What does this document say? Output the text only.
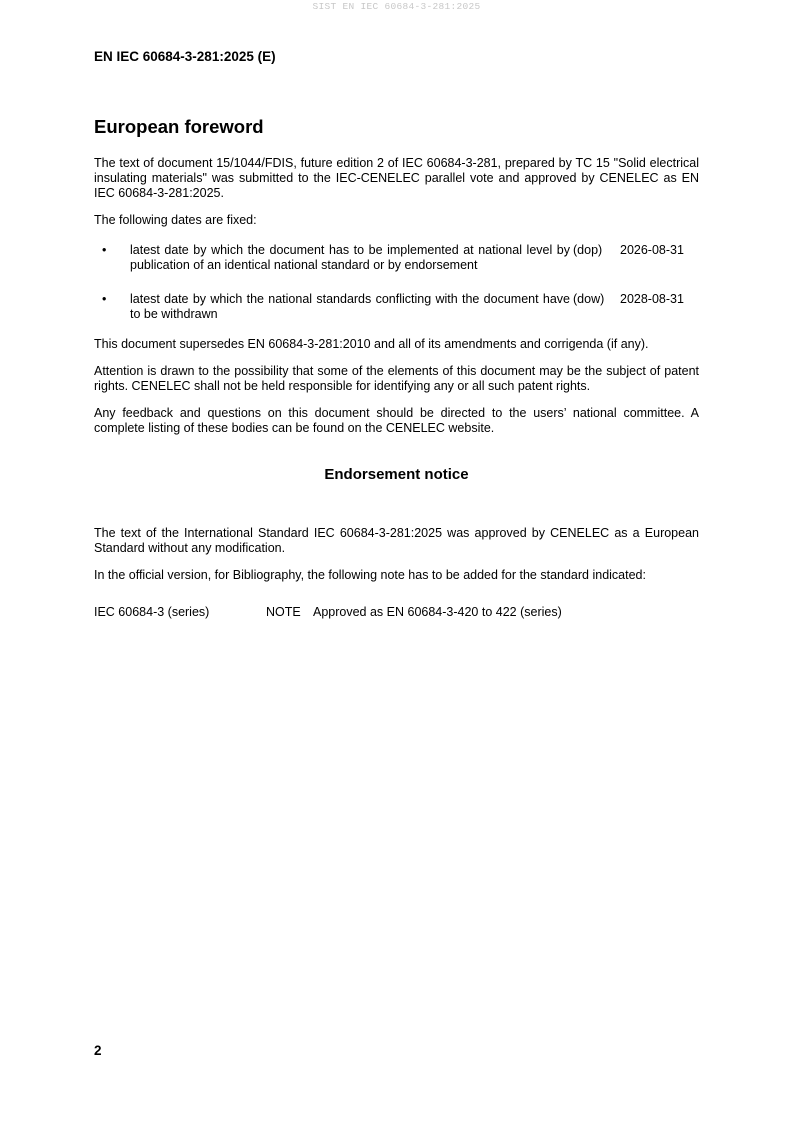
SIST EN IEC 60684-3-281:2025
EN IEC 60684-3-281:2025 (E)
European foreword

The text of document 15/1044/FDIS, future edition 2 of IEC 60684-3-281, prepared by TC 15 "Solid electrical insulating materials" was submitted to the IEC-CENELEC parallel vote and approved by CENELEC as EN IEC 60684-3-281:2025.

The following dates are fixed:

• latest date by which the document has to be implemented at national level by publication of an identical national standard or by endorsement
(dop) 2026-08-31
• latest date by which the national standards conflicting with the document have to be withdrawn
(dow) 2028-08-31

This document supersedes EN 60684-3-281:2010 and all of its amendments and corrigenda (if any).

Attention is drawn to the possibility that some of the elements of this document may be the subject of patent rights. CENELEC shall not be held responsible for identifying any or all such patent rights.

Any feedback and questions on this document should be directed to the users’ national committee. A complete listing of these bodies can be found on the CENELEC website.

Endorsement notice

The text of the International Standard IEC 60684-3-281:2025 was approved by CENELEC as a European Standard without any modification.

In the official version, for Bibliography, the following note has to be added for the standard indicated:

IEC 60684-3 (series)	NOTE Approved as EN 60684-3-420 to 422 (series)
2
